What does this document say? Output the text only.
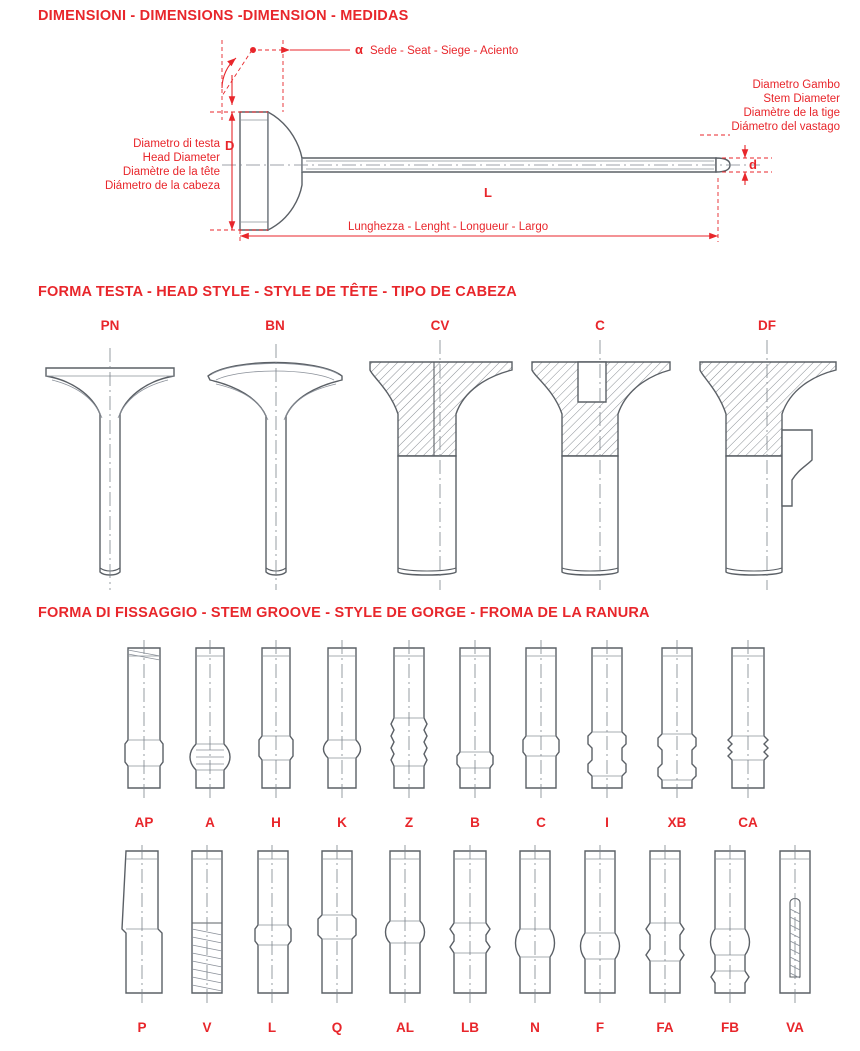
DIMENSIONI - DIMENSIONS -DIMENSION - MEDIDAS
α Sede - Seat - Siege - Aciento
Diametro Gambo
Stem Diameter
Diamètre de la tige
Diámetro del vastago
Diametro di testa
Head Diameter
Diamètre de la tête
Diámetro de la cabeza
D
d
L
Lunghezza - Lenght - Longueur - Largo
FORMA TESTA - HEAD STYLE - STYLE DE TÊTE - TIPO DE CABEZA
PN	BN	CV	C	DF
FORMA DI FISSAGGIO - STEM GROOVE - STYLE DE GORGE - FROMA DE LA RANURA
AP	A	H	K	Z	B	C	I	XB	CA
P	V	L	Q	AL	LB	N	F	FA	FB	VA
